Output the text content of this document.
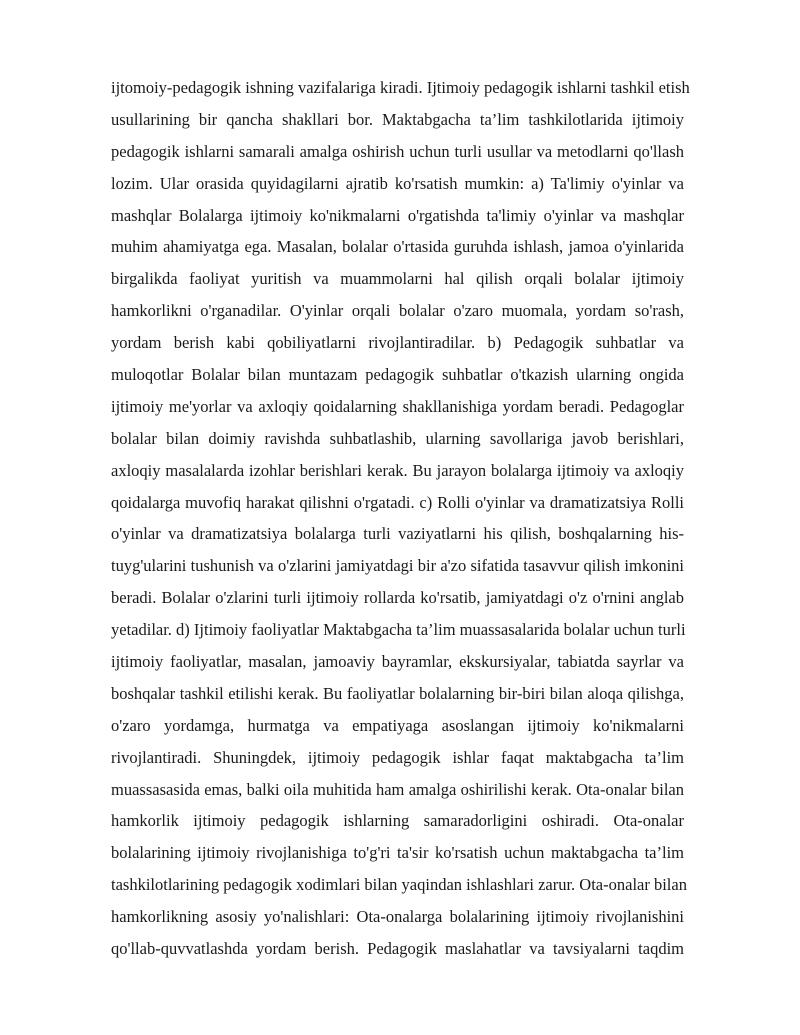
ijtomoiy-pedagogik ishning vazifalariga kiradi. Ijtimoiy pedagogik ishlarni tashkil etish
usullarining bir qancha shakllari bor. Maktabgacha ta’lim tashkilotlarida ijtimoiy
pedagogik ishlarni samarali amalga oshirish uchun turli usullar va metodlarni qo'llash
lozim. Ular orasida quyidagilarni ajratib ko'rsatish mumkin: a) Ta'limiy o'yinlar va
mashqlar Bolalarga ijtimoiy ko'nikmalarni o'rgatishda ta'limiy o'yinlar va mashqlar
muhim ahamiyatga ega. Masalan, bolalar o'rtasida guruhda ishlash, jamoa o'yinlarida
birgalikda faoliyat yuritish va muammolarni hal qilish orqali bolalar ijtimoiy
hamkorlikni o'rganadilar. O'yinlar orqali bolalar o'zaro muomala, yordam so'rash,
yordam berish kabi qobiliyatlarni rivojlantiradilar. b) Pedagogik suhbatlar va
muloqotlar Bolalar bilan muntazam pedagogik suhbatlar o'tkazish ularning ongida
ijtimoiy me'yorlar va axloqiy qoidalarning shakllanishiga yordam beradi. Pedagoglar
bolalar bilan doimiy ravishda suhbatlashib, ularning savollariga javob berishlari,
axloqiy masalalarda izohlar berishlari kerak. Bu jarayon bolalarga ijtimoiy va axloqiy
qoidalarga muvofiq harakat qilishni o'rgatadi. c) Rolli o'yinlar va dramatizatsiya Rolli
o'yinlar va dramatizatsiya bolalarga turli vaziyatlarni his qilish, boshqalarning his-
tuyg'ularini tushunish va o'zlarini jamiyatdagi bir a'zo sifatida tasavvur qilish imkonini
beradi. Bolalar o'zlarini turli ijtimoiy rollarda ko'rsatib, jamiyatdagi o'z o'rnini anglab
yetadilar. d) Ijtimoiy faoliyatlar Maktabgacha ta’lim muassasalarida bolalar uchun turli
ijtimoiy faoliyatlar, masalan, jamoaviy bayramlar, ekskursiyalar, tabiatda sayrlar va
boshqalar tashkil etilishi kerak. Bu faoliyatlar bolalarning bir-biri bilan aloqa qilishga,
o'zaro yordamga, hurmatga va empatiyaga asoslangan ijtimoiy ko'nikmalarni
rivojlantiradi. Shuningdek, ijtimoiy pedagogik ishlar faqat maktabgacha ta’lim
muassasasida emas, balki oila muhitida ham amalga oshirilishi kerak. Ota-onalar bilan
hamkorlik ijtimoiy pedagogik ishlarning samaradorligini oshiradi. Ota-onalar
bolalarining ijtimoiy rivojlanishiga to'g'ri ta'sir ko'rsatish uchun maktabgacha ta’lim
tashkilotlarining pedagogik xodimlari bilan yaqindan ishlashlari zarur. Ota-onalar bilan
hamkorlikning asosiy yo'nalishlari: Ota-onalarga bolalarining ijtimoiy rivojlanishini
qo'llab-quvvatlashda yordam berish. Pedagogik maslahatlar va tavsiyalarni taqdim
